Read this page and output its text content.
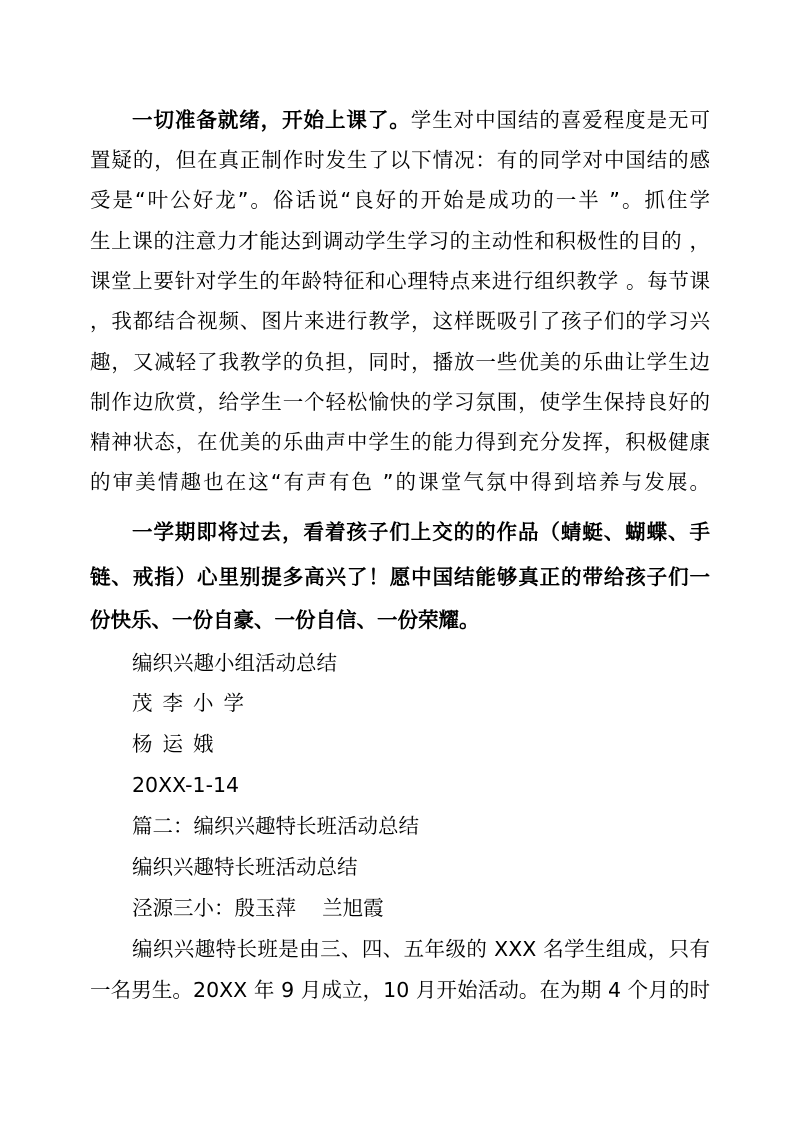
一切准备就绪，开始上课了。学生对中国结的喜爱程度是无可
置疑的，但在真正制作时发生了以下情况：有的同学对中国结的感
受是“叶公好龙”。俗话说“良好的开始是成功的一半 ”。抓住学
生上课的注意力才能达到调动学生学习的主动性和积极性的目的 ，
课堂上要针对学生的年龄特征和心理特点来进行组织教学 。每节课
，我都结合视频、图片来进行教学，这样既吸引了孩子们的学习兴
趣，又减轻了我教学的负担，同时，播放一些优美的乐曲让学生边
制作边欣赏，给学生一个轻松愉快的学习氛围，使学生保持良好的
精神状态，在优美的乐曲声中学生的能力得到充分发挥，积极健康
的审美情趣也在这“有声有色 ”的课堂气氛中得到培养与发展。
一学期即将过去，看着孩子们上交的的作品（蜻蜓、蝴蝶、手
链、戒指）心里别提多高兴了！愿中国结能够真正的带给孩子们一
份快乐、一份自豪、一份自信、一份荣耀。
编织兴趣小组活动总结
茂李小学
杨运娥
20XX-1-14
篇二：编织兴趣特长班活动总结
编织兴趣特长班活动总结
泾源三小：殷玉萍    兰旭霞
编织兴趣特长班是由三、四、五年级的 XXX 名学生组成，只有
一名男生。20XX 年 9 月成立，10 月开始活动。在为期 4 个月的时
